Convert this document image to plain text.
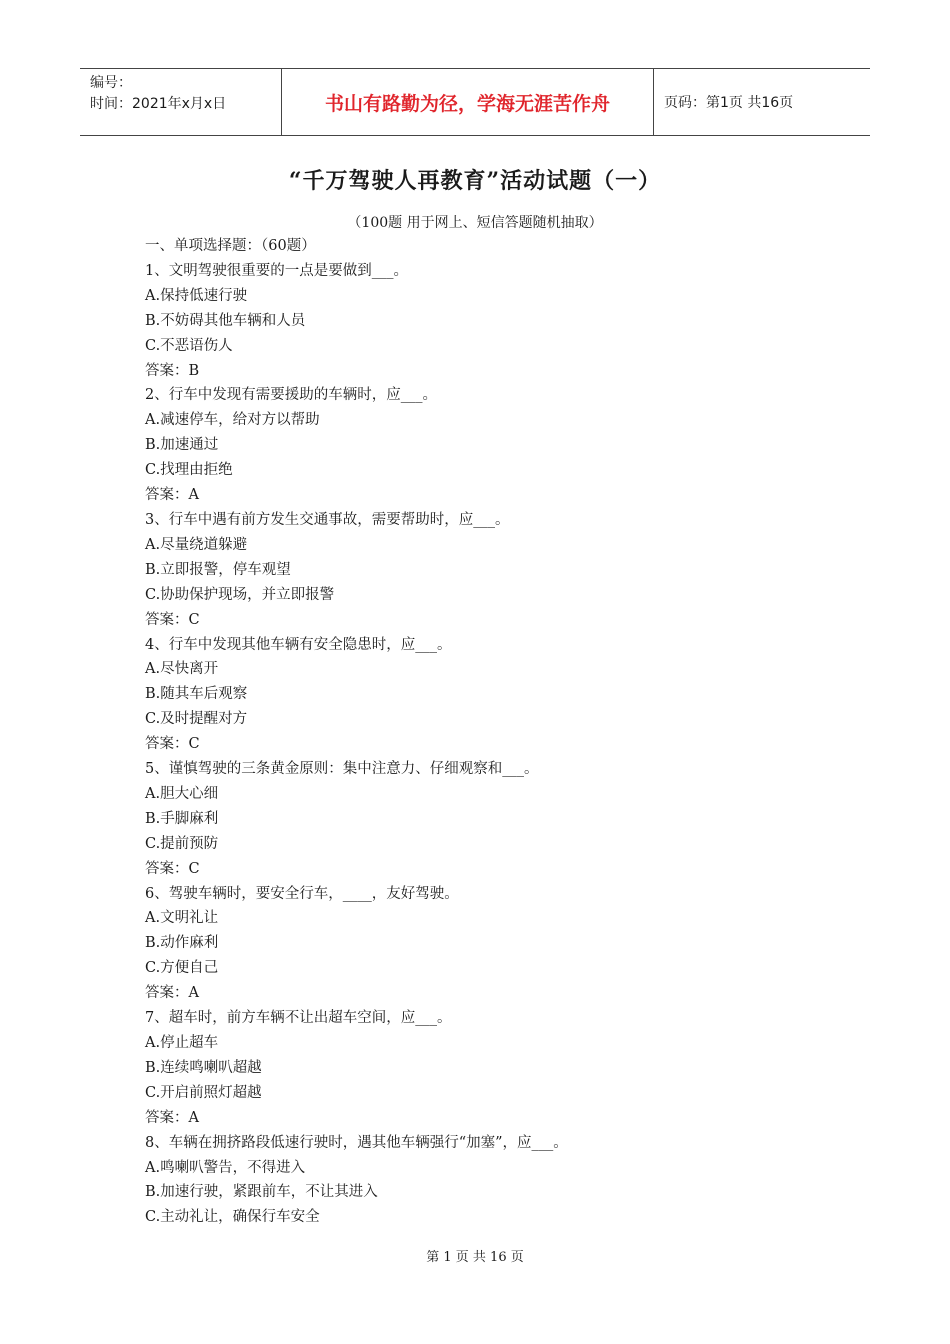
编号：
时间：2021年x月x日	书山有路勤为径，学海无涯苦作舟	页码：第1页 共16页
“千万驾驶人再教育”活动试题（一）
（100题 用于网上、短信答题随机抽取）
一、单项选择题：（60题）
1、文明驾驶很重要的一点是要做到___。
A.保持低速行驶
B.不妨碍其他车辆和人员
C.不恶语伤人
答案：B
2、行车中发现有需要援助的车辆时，应___。
A.减速停车，给对方以帮助
B.加速通过
C.找理由拒绝
答案：A
3、行车中遇有前方发生交通事故，需要帮助时，应___。
A.尽量绕道躲避
B.立即报警，停车观望
C.协助保护现场，并立即报警
答案：C
4、行车中发现其他车辆有安全隐患时，应___。
A.尽快离开
B.随其车后观察
C.及时提醒对方
答案：C
5、谨慎驾驶的三条黄金原则：集中注意力、仔细观察和___。
A.胆大心细
B.手脚麻利
C.提前预防
答案：C
6、驾驶车辆时，要安全行车，____，友好驾驶。
A.文明礼让
B.动作麻利
C.方便自己
答案：A
7、超车时，前方车辆不让出超车空间，应___。
A.停止超车
B.连续鸣喇叭超越
C.开启前照灯超越
答案：A
8、车辆在拥挤路段低速行驶时，遇其他车辆强行“加塞”，应___。
A.鸣喇叭警告，不得进入
B.加速行驶，紧跟前车，不让其进入
C.主动礼让，确保行车安全
第 1 页 共 16 页
